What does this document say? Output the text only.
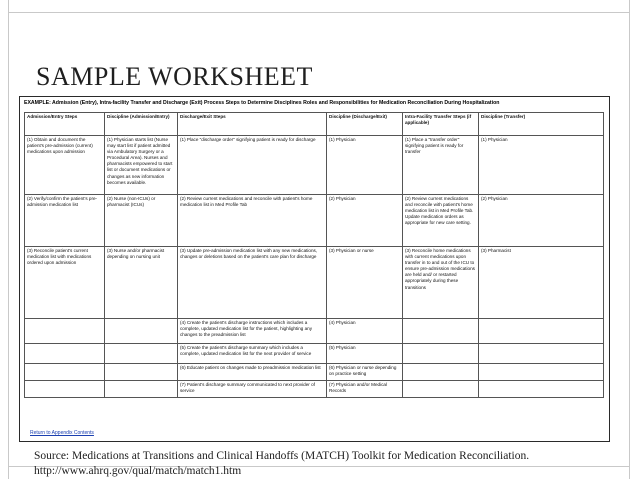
SAMPLE WORKSHEET
EXAMPLE: Admission (Entry), Intra-facility Transfer and Discharge (Exit) Process Steps to Determine Disciplines Roles and Responsibilities for Medication Reconciliation During Hospitalization
Admission/Entry Steps	Discipline (Admission/Entry)	Discharge/Exit Steps	Discipline (Discharge/Exit)	Intra-Facility Transfer Steps (if applicable)	Discipline (Transfer)
(1) Obtain and document the patient's pre-admission (current) medications upon admission	(1) Physician starts list (Nurse may start list if patient admitted via Ambulatory Surgery or a Procedural Area). Nurses and pharmacists empowered to start list or document medications or changes as new information becomes available.	(1) Place "discharge order" signifying patient is ready for discharge	(1) Physician	(1) Place a "transfer order" signifying patient is ready for transfer	(1) Physician
(2) Verify/confirm the patient's pre-admission medication list	(2) Nurse (non-ICUs) or pharmacist (ICUs)	(2) Review current medications and reconcile with patient's home medication list in Med Profile Tab	(2) Physician	(2) Review current medications and reconcile with patient's home medication list in Med Profile Tab. Update medication orders as appropriate for new care setting.	(2) Physician
(3) Reconcile patient's current medication list with medications ordered upon admission	(3) Nurse and/or pharmacist depending on nursing unit	(3) Update pre-admission medication list with any new medications, changes or deletions based on the patient's care plan for discharge	(3) Physician or nurse	(3) Reconcile home medications with current medications upon transfer in to and out of the ICU to ensure pre-admission medications are held and/ or restarted appropriately during these transitions	(3) Pharmacist
		(4) Create the patient's discharge instructions which includes a complete, updated medication list for the patient, highlighting any changes to the preadmission list	(4) Physician		
		(5) Create the patient's discharge summary which includes a complete, updated medication list for the next provider of service	(5) Physician		
		(6) Educate patient on changes made to preadmission medication list	(6) Physician or nurse depending on practice setting		
		(7) Patient's discharge summary communicated to next provider of service	(7) Physician and/or Medical Records		
Return to Appendix Contents
Source: Medications at Transitions and Clinical Handoffs (MATCH) Toolkit for Medication Reconciliation.
http://www.ahrq.gov/qual/match/match1.htm
